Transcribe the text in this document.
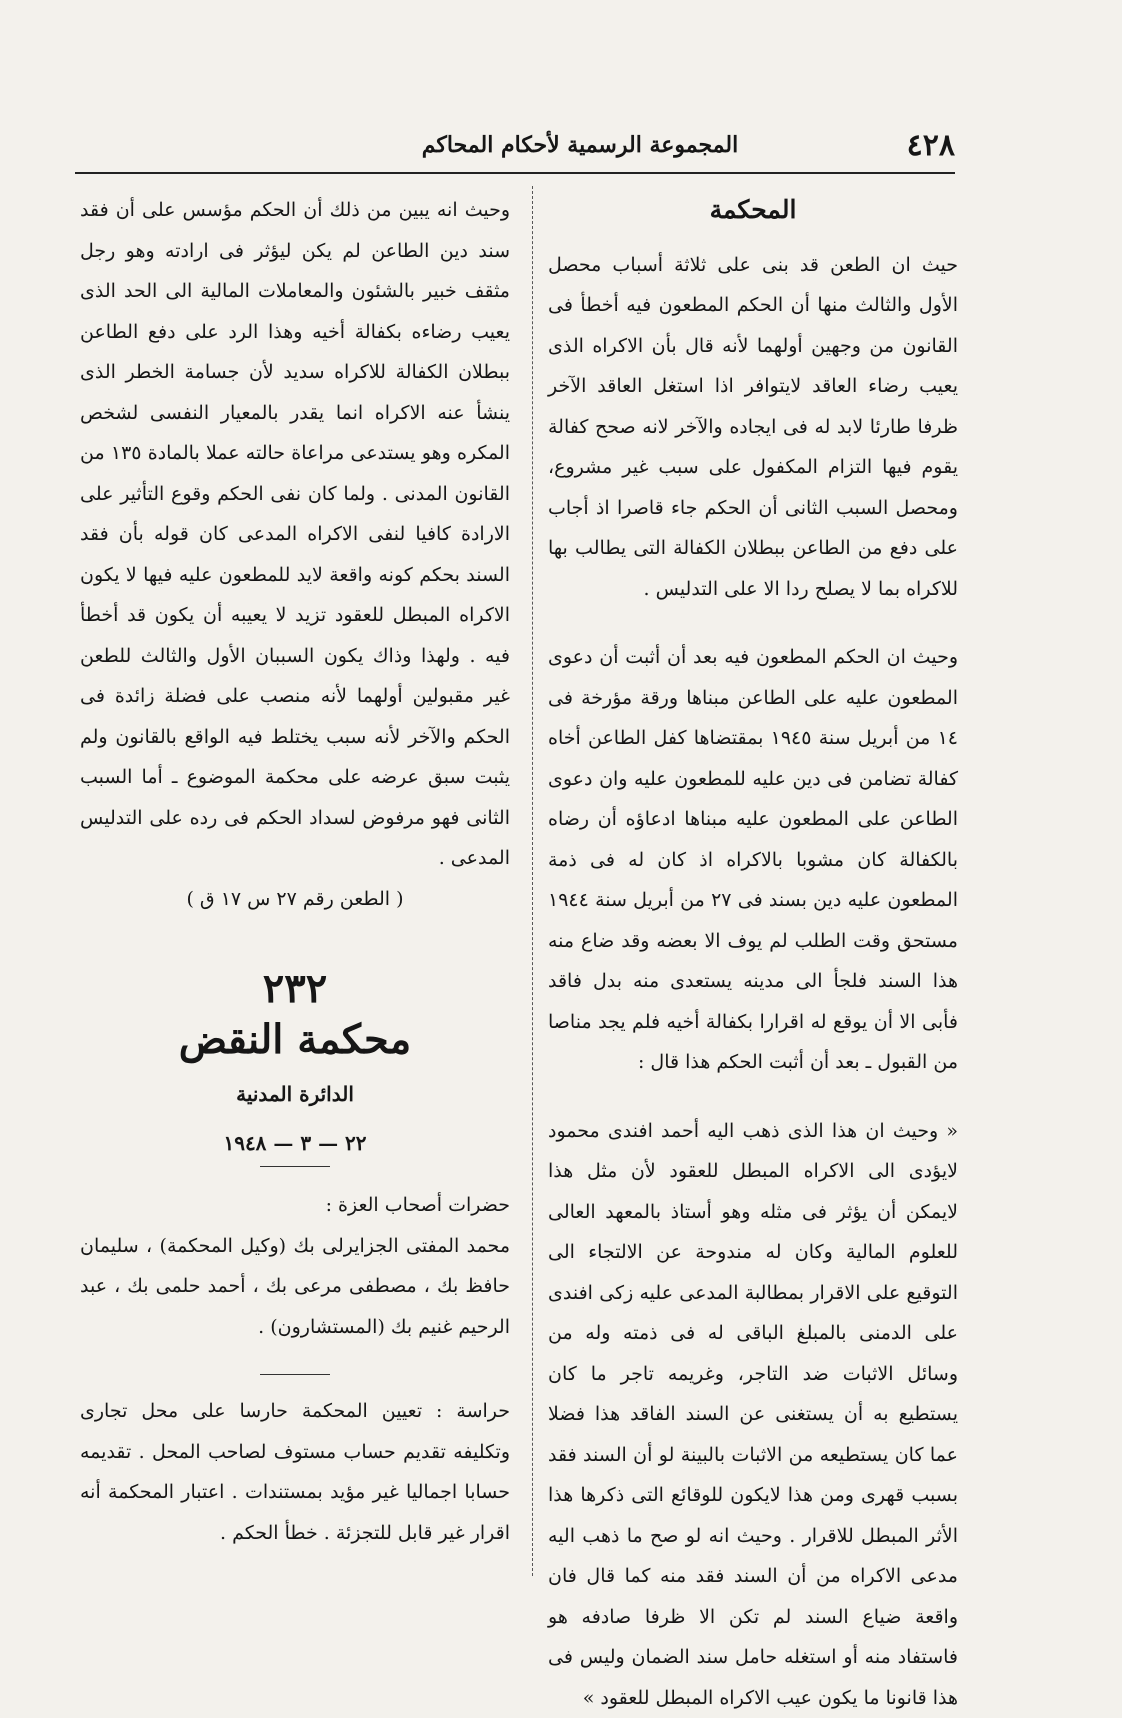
٤٢٨
المجموعة الرسمية لأحكام المحاكم
المحكمة

حيث ان الطعن قد بنى على ثلاثة أسباب محصل الأول والثالث منها أن الحكم المطعون فيه أخطأ فى القانون من وجهين أولهما لأنه قال بأن الاكراه الذى يعيب رضاء العاقد لايتوافر اذا استغل العاقد الآخر ظرفا طارئا لابد له فى ايجاده والآخر لانه صحح كفالة يقوم فيها التزام المكفول على سبب غير مشروع، ومحصل السبب الثانى أن الحكم جاء قاصرا اذ أجاب على دفع من الطاعن ببطلان الكفالة التى يطالب بها للاكراه بما لا يصلح ردا الا على التدليس .

وحيث ان الحكم المطعون فيه بعد أن أثبت أن دعوى المطعون عليه على الطاعن مبناها ورقة مؤرخة فى ١٤ من أبريل سنة ١٩٤٥ بمقتضاها كفل الطاعن أخاه كفالة تضامن فى دين عليه للمطعون عليه وان دعوى الطاعن على المطعون عليه مبناها ادعاؤه أن رضاه بالكفالة كان مشوبا بالاكراه اذ كان له فى ذمة المطعون عليه دين بسند فى ٢٧ من أبريل سنة ١٩٤٤ مستحق وقت الطلب لم يوف الا بعضه وقد ضاع منه هذا السند فلجأ الى مدينه يستعدى منه بدل فاقد فأبى الا أن يوقع له اقرارا بكفالة أخيه فلم يجد مناصا من القبول ـ بعد أن أثبت الحكم هذا قال :

« وحيث ان هذا الذى ذهب اليه أحمد افندى محمود لايؤدى الى الاكراه المبطل للعقود لأن مثل هذا لايمكن أن يؤثر فى مثله وهو أستاذ بالمعهد العالى للعلوم المالية وكان له مندوحة عن الالتجاء الى التوقيع على الاقرار بمطالبة المدعى عليه زكى افندى على الدمنى بالمبلغ الباقى له فى ذمته وله من وسائل الاثبات ضد التاجر، وغريمه تاجر ما كان يستطيع به أن يستغنى عن السند الفاقد هذا فضلا عما كان يستطيعه من الاثبات بالبينة لو أن السند فقد بسبب قهرى ومن هذا لايكون للوقائع التى ذكرها هذا الأثر المبطل للاقرار . وحيث انه لو صح ما ذهب اليه مدعى الاكراه من أن السند فقد منه كما قال فان واقعة ضياع السند لم تكن الا ظرفا صادفه هو فاستفاد منه أو استغله حامل سند الضمان وليس فى هذا قانونا ما يكون عيب الاكراه المبطل للعقود »

وحيث انه يبين من ذلك أن الحكم مؤسس على أن فقد سند دين الطاعن لم يكن ليؤثر فى ارادته وهو رجل مثقف خبير بالشئون والمعاملات المالية الى الحد الذى يعيب رضاءه بكفالة أخيه وهذا الرد على دفع الطاعن ببطلان الكفالة للاكراه سديد لأن جسامة الخطر الذى ينشأ عنه الاكراه انما يقدر بالمعيار النفسى لشخص المكره وهو يستدعى مراعاة حالته عملا بالمادة ١٣٥ من القانون المدنى . ولما كان نفى الحكم وقوع التأثير على الارادة كافيا لنفى الاكراه المدعى كان قوله بأن فقد السند بحكم كونه واقعة لايد للمطعون عليه فيها لا يكون الاكراه المبطل للعقود تزيد لا يعيبه أن يكون قد أخطأ فيه . ولهذا وذاك يكون السببان الأول والثالث للطعن غير مقبولين أولهما لأنه منصب على فضلة زائدة فى الحكم والآخر لأنه سبب يختلط فيه الواقع بالقانون ولم يثبت سبق عرضه على محكمة الموضوع ـ أما السبب الثانى فهو مرفوض لسداد الحكم فى رده على التدليس المدعى .

( الطعن رقم ٢٧ س ١٧ ق )

٢٣٢
محكمة النقض
الدائرة المدنية
٢٢ — ٣ — ١٩٤٨

حضرات أصحاب العزة :

محمد المفتى الجزايرلى بك (وكيل المحكمة) ، سليمان حافظ بك ، مصطفى مرعى بك ، أحمد حلمى بك ، عبد الرحيم غنيم بك (المستشارون) .

حراسة : تعيين المحكمة حارسا على محل تجارى وتكليفه تقديم حساب مستوف لصاحب المحل . تقديمه حسابا اجماليا غير مؤيد بمستندات . اعتبار المحكمة أنه اقرار غير قابل للتجزئة . خطأ الحكم .
